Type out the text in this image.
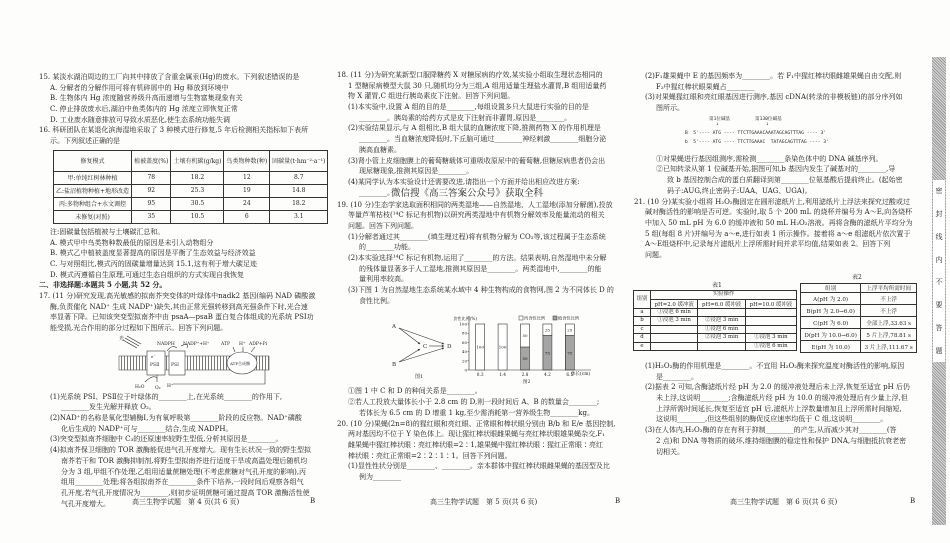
15. 某淡水湖泊周边的工厂向其中排放了含重金属汞(Hg)的废水。下列叙述错误的是
A. 分解者的分解作用可将有机碎屑中的 Hg 释放到环境中
B. 生物体内 Hg 浓度随营养级升高而递增与生物富集现象有关
C. 停止排放废水后,湖泊中鱼类体内的 Hg 浓度立即恢复正常
D. 工业废水随意排放可导致水质恶化,使生态系统功能失调
16. 科研团队在某退化滨海湿地采取了 3 种模式进行修复,5 年后检测相关指标如下表所
示。下列叙述正确的是
修复模式	植被盖度(%)	土壤有机碳(g/kg)	鸟类物种数(种)	固碳量(t·hm⁻²·a⁻¹)
甲:单纯红树林种植	78	18.2	12	8.7
乙:盐沼植物种植+地形改造	92	25.3	19	14.8
丙:多物种组合+水文调控	95	30.5	24	18.2
未修复(对照)	35	10.5	6	3.1
注:固碳量包括植被与土壤碳汇总和。
A. 模式甲中鸟类物种数最低的原因是未引入动物组分
B. 模式乙中植被盖度显著提高的原因是平衡了生态效益与经济效益
C. 与对照组比,模式丙的固碳量增量达到 15.1,这有利于增大碳足迹
D. 模式丙遵循自生原理,可通过生态自组织的方式实现自我恢复
二、非选择题:本题共 5 小题,共 52 分。
17. (11 分)研究发现,高光敏感的拟南芥突变体的叶绿体中nadk2 基因(编码 NAD 磷酸激
酶,负责催化 NAD⁺ 生成 NADP⁺)缺失,其由正常光强转移到高光强条件下时,光合速
率显著下降。已知该突变型拟南芥中由 psaA—psaB 蛋白复合体组成的光系统 PSⅠ功
能受损,光合作用的部分过程如下图所示。回答下列问题。
光
PSⅡ
e⁻
PSⅠ	ATP合成酶
NADPH NADP⁺+H⁺	ATP H⁺ ADP+Pi
H₂O O₂ H⁺
(1)光系统 PSⅠ、PSⅡ位于叶绿体的________上,在光系统________的作用下,
________发生光解并释放 O₂。
(2)NAD⁺的名称是氧化型辅酶Ⅰ,为有氧呼吸第________阶段的反应物。NAD⁺磷酸
化后生成的 NADP⁺可与________结合,生成 NADPH。
(3)突变型拟南芥细胞中 C₃的还原速率较野生型低,分析其原因是________。
(4)拟南芥保卫细胞的 TOR 激酶能促进气孔开度增大。现有生长状况一致的野生型拟
南芥若干和 TOR 激酶抑制剂,将野生型拟南芥进行适度干旱或高温处理后随机均
分为 3 组,甲组不作处理,乙组用适量蔗糖处理(不考虑蔗糖对气孔开度的影响),丙
组用________处理;将各组拟南芥在________条件下培养,一段时间后观察各组气
孔开度,若气孔开度情况为________,则初步证明蔗糖可通过提高 TOR 激酶活性使
气孔开度增大。	高三生物学试题　第 4 页(共 6 页)	B
18. (11 分)为研究某新型口服降糖药 X 对糖尿病的疗效,某实验小组取生理状态相同的
1 型糖尿病模型大鼠 30 只,随机均分为三组,A 组用适量生理盐水灌胃,B 组用适量药
物 X 灌胃,C 组进行胰岛素皮下注射。回答下列问题。
(1)本实验中,设置 A 组的目的是________,每组设置多只大鼠进行实验的目的是
________。胰岛素的给药方式是皮下注射而非灌胃,原因是________。
(2)实验结果显示,与 A 组相比,B 组大鼠的血糖浓度下降,推测药物 X 的作用机理是
________。当血糖浓度降低时,下丘脑可通过________神经刺激________细胞分泌
胰高血糖素。
(3)肾小管上皮细胞膜上的葡萄糖载体可重吸收原尿中的葡萄糖,但糖尿病患者仍会出
现尿糖现象,推测其原因是________。
(4)某同学认为本实验设计还需要改进,请指出一个方面并给出相应改进方案:
________。
微信搜《高三答案公众号》获取全科
19. (10 分)生态学家选取面积相同的两类湿地——自然湿地、人工湿地(添加分解菌),投放
等量芦苇枯枝(¹⁴C 标记有机物)以研究两类湿地中有机物分解效率及能量流动的相关
问题。回答下列问题。
(1)分解者通过其________(填生理过程)将有机物分解为 CO₂等,该过程属于生态系统
的________功能。
(2)本实验选择¹⁴C 标记有机物,运用了________的方法。结果表明,自然湿地中未分解
的残体量显著多于人工湿地,推测其原因是________。两类湿地中,________的能
量利用率较高。
(3)下图 1 为自然湿地生态系统某水域中 4 种生物构成的食物网,图 2 为不同体长 D 的
食性比例。
A
B
C	D
图1
食性比例(%)
0
20
40
60
80
100
0.3	1.4	2.8	4.2	6.5
100	100
50
50
75
25
75
25
体长(cm)
图2
肉食性比例	植食性比例
①图 1 中 C 和 D 的种间关系是________。
②若人工投放大量体长小于 2.8 cm 的 D,则一段时间后 A、B 的数量会________;
若体长为 6.5 cm 的 D 增重 1 kg,至少需消耗第一营养级生物________kg。
20. (10 分)果蝇(2n=8)的猩红眼和亮红眼、正常眼和棒状眼分别由 B/b 和 E/e 基因控制,
两对基因均不位于 Y 染色体上。现让猩红棒状眼雌果蝇与亮红棒状眼雄果蝇杂交,F₁
雌果蝇中猩红棒状眼∶亮红棒状眼=2∶1,雄果蝇中猩红棒状眼∶猩红正常眼∶亮红
棒状眼∶亮红正常眼=2∶2∶1∶1。回答下列问题。
(1)显性性状分别是________、________。亲本群体中猩红棒状眼雌果蝇的基因型及比
例为________
高三生物学试题　第 5 页(共 6 页)	B
(2)F₁雄果蝇中 E 的基因频率为________。若 F₁中猩红棒状眼雌雄果蝇自由交配,则
F₂中猩红棒状眼果蝇占________
(3)对果蝇猩红眼和亮红眼基因进行测序,基因 cDNA(转录的非模板链)的部分序列如
图所示。
第1位碱基
↓
第130位碱基
↓
B  5'---- ATG ---- TTCTTGAAACAAATAGCAGTTTAG ---- 3'
b  5'---- ATG ---- TTCTTGAAAC  TATAGCAGTTTAG ---- 3'
①对果蝇进行基因组测序,需检测________条染色体中的 DNA 碱基序列。
②已知转录从第 1 位碱基开始,据图可知,b 基因内发生了碱基对的________,导
致 b 基因控制合成的蛋白质翻译到第________位氨基酸后提前终止。(起始密
码子:AUG,终止密码子:UAA、UAG、UGA)。
21. (10 分)某实验小组将 H₂O₂酶固定在圆形滤纸片上,利用滤纸片上浮法来探究过酸或过
碱对酶活性的影响是否可逆。实验时,取 5 个 200 mL 的烧杯并编号为 A～E,向各烧杯
中加入 50 mL pH 为 6.0 的缓冲液和 50 mL H₂O₂溶液。再将含酶的滤纸片平均分为
5 组(每组 8 片)并编号为 a～e,进行如表 1 所示操作。接着将 a～e 组滤纸片依次置于
A～E组烧杯中,记录每片滤纸片上浮所需时间并求平均值,结果如表 2。回答下列
问题。
表1
组别	实验操作		
	pH=2.0 缓冲液	pH=6.0 缓冲液	pH=10.0 缓冲液
a	①浸泡 6 min		
b	①浸泡 3 min	②浸泡 3 min	
c		①浸泡 6 min	
d		②浸泡 3 min	①浸泡 3 min
e			①浸泡 6 min
表2
组别	上浮平均所需时间
A(pH 为 2.0)	不上浮
B(pH 为 2.0→6.0)	不上浮
C(pH 为 6.0)	全部上浮,33.63 s
D(pH 为 10.0→6.0)	5 片上浮,78.81 s
E(pH 为 10.0)	3 片上浮,111.67 s
(1)H₂O₂酶的作用机理是________。不宜用 H₂O₂酶来探究温度对酶活性的影响,原因
是________。
(2)据表 2 可知,含酶滤纸片经 pH 为 2.0 的缓冲液处理后未上浮,恢复至适宜 pH 后仍
未上浮,这说明________;含酶滤纸片经 pH 为 10.0 的缓冲液处理后有少量上浮,但
上浮所需时间延长,恢复至适宜 pH 后,滤纸片上浮数量增加且上浮所需时间缩短,
这说明________,但这些组别的酶促反应速率均低于 C 组,这说明________。
(3)在人体内,H₂O₂酶的存在有利于抑制________的产生,从而减少其对________(答
2 点)和 DNA 等物质的破坏,维持细胞膜的稳定性和保护 DNA,与细胞抵抗衰老密
切相关。
高三生物学试题　第 6 页(共 6 页)	B
密
封
线
内
不
要
答
题
